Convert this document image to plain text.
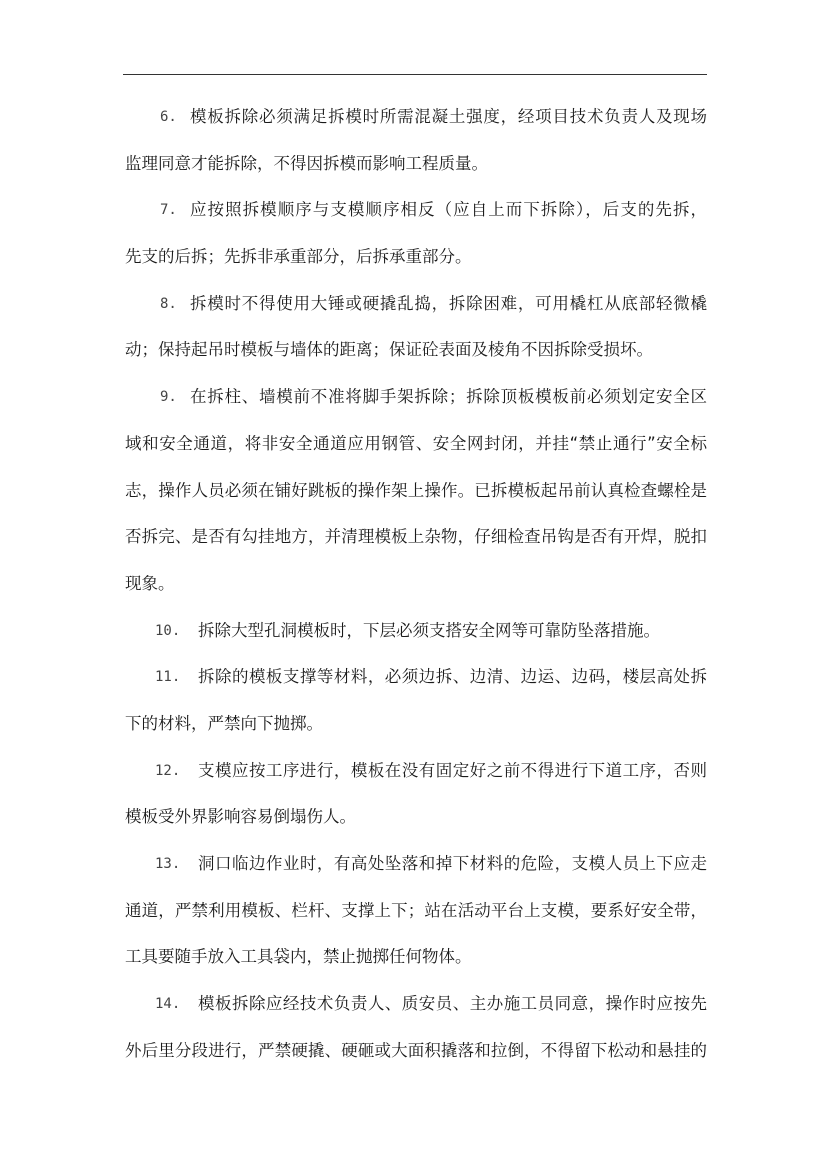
6. 模板拆除必须满足拆模时所需混凝土强度，经项目技术负责人及现场
监理同意才能拆除，不得因拆模而影响工程质量。
7. 应按照拆模顺序与支模顺序相反（应自上而下拆除），后支的先拆，
先支的后拆；先拆非承重部分，后拆承重部分。
8. 拆模时不得使用大锤或硬撬乱捣，拆除困难，可用橇杠从底部轻微橇
动；保持起吊时模板与墙体的距离；保证砼表面及棱角不因拆除受损坏。
9. 在拆柱、墙模前不准将脚手架拆除；拆除顶板模板前必须划定安全区
域和安全通道，将非安全通道应用钢管、安全网封闭，并挂“禁止通行”安全标
志，操作人员必须在铺好跳板的操作架上操作。已拆模板起吊前认真检查螺栓是
否拆完、是否有勾挂地方，并清理模板上杂物，仔细检查吊钩是否有开焊，脱扣
现象。
10.	拆除大型孔洞模板时，下层必须支搭安全网等可靠防坠落措施。
11.	拆除的模板支撑等材料，必须边拆、边清、边运、边码，楼层高处拆
下的材料，严禁向下抛掷。
12.	支模应按工序进行，模板在没有固定好之前不得进行下道工序，否则
模板受外界影响容易倒塌伤人。
13.	洞口临边作业时，有高处坠落和掉下材料的危险，支模人员上下应走
通道，严禁利用模板、栏杆、支撑上下；站在活动平台上支模，要系好安全带，
工具要随手放入工具袋内，禁止抛掷任何物体。
14.	模板拆除应经技术负责人、质安员、主办施工员同意，操作时应按先
外后里分段进行，严禁硬撬、硬砸或大面积撬落和拉倒，不得留下松动和悬挂的
